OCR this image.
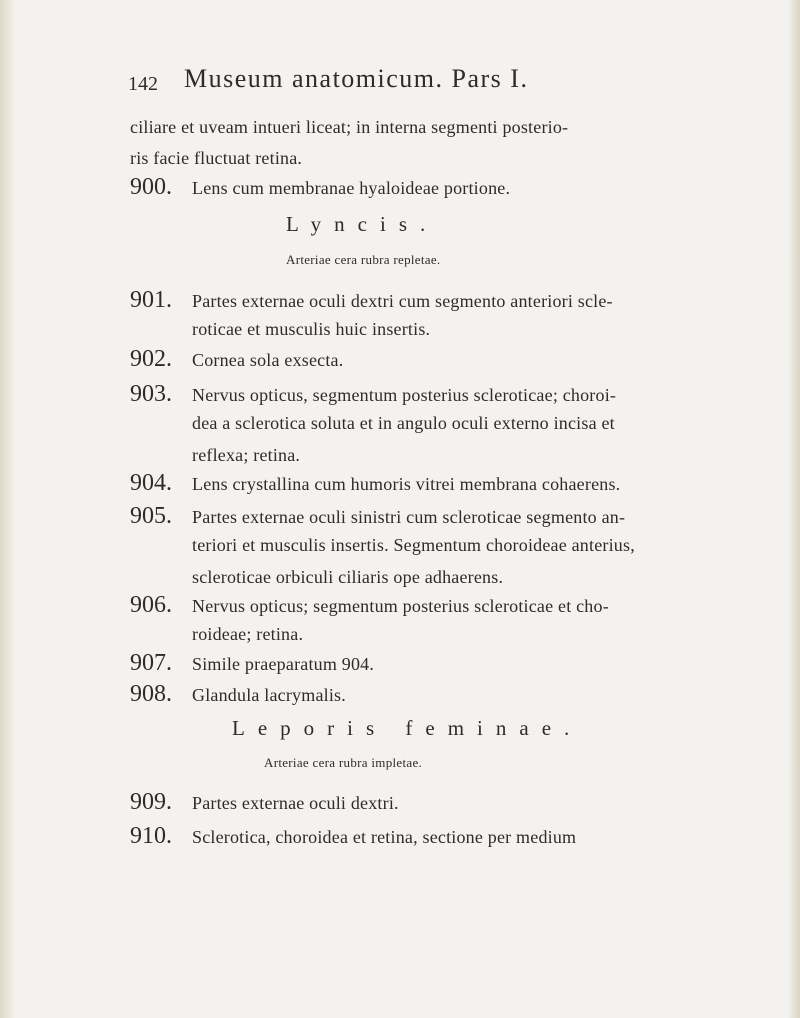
142 Museum anatomicum. Pars I.
ciliare et uveam intueri liceat; in interna segmenti posterio-
ris facie fluctuat retina.
900. Lens cum membranae hyaloideae portione.
Lyncis.
Arteriae cera rubra repletae.
901. Partes externae oculi dextri cum segmento anteriori scle-
roticae et musculis huic insertis.
902. Cornea sola exsecta.
903. Nervus opticus, segmentum posterius scleroticae; choroi-
dea a sclerotica soluta et in angulo oculi externo incisa et
reflexa; retina.
904. Lens crystallina cum humoris vitrei membrana cohaerens.
905. Partes externae oculi sinistri cum scleroticae segmento an-
teriori et musculis insertis. Segmentum choroideae anterius,
scleroticae orbiculi ciliaris ope adhaerens.
906. Nervus opticus; segmentum posterius scleroticae et cho-
roideae; retina.
907. Simile praeparatum 904.
908. Glandula lacrymalis.
Leporis feminae.
Arteriae cera rubra impletae.
909. Partes externae oculi dextri.
910. Sclerotica, choroidea et retina, sectione per medium
